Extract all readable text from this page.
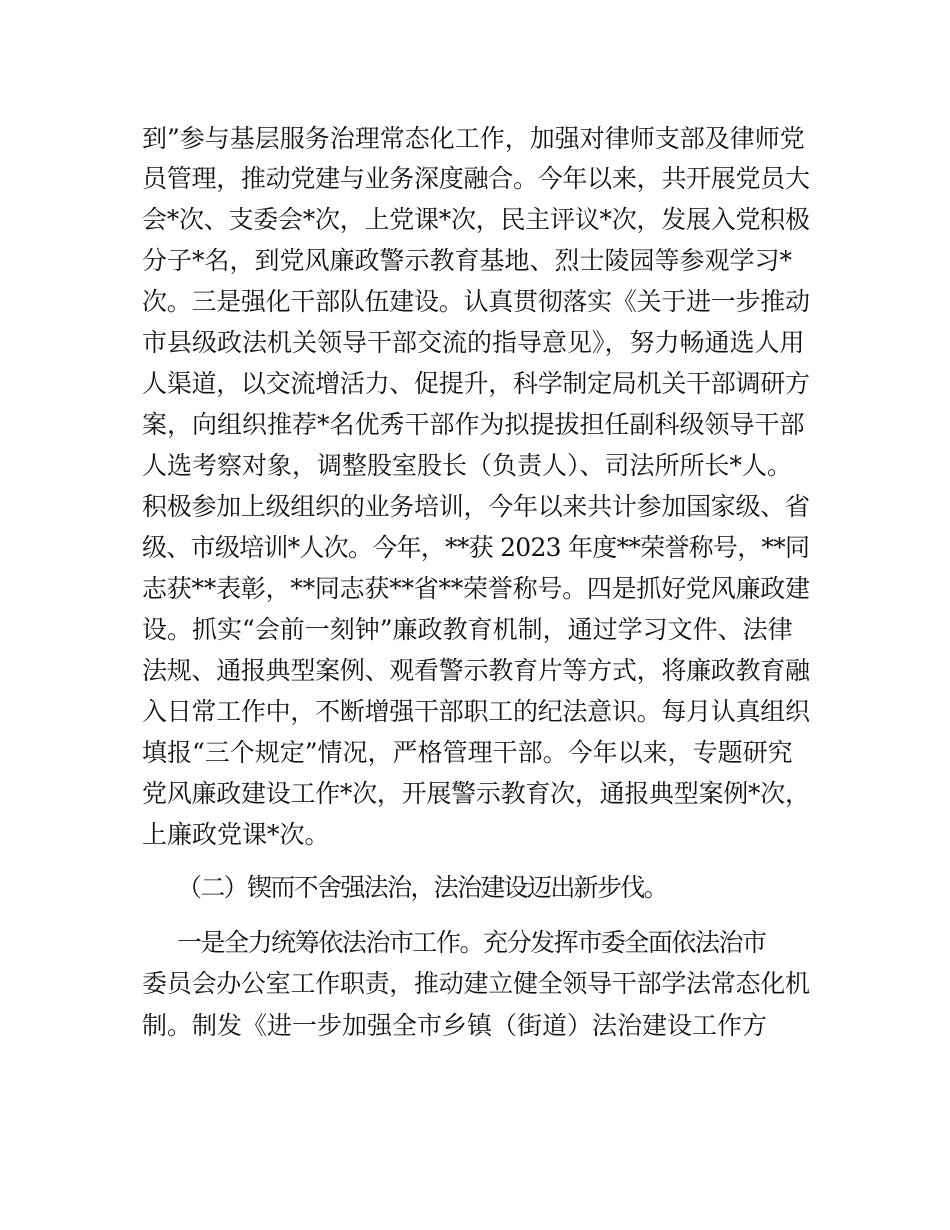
到”参与基层服务治理常态化工作，加强对律师支部及律师党
员管理，推动党建与业务深度融合。今年以来，共开展党员大
会*次、支委会*次，上党课*次，民主评议*次，发展入党积极
分子*名，到党风廉政警示教育基地、烈士陵园等参观学习*
次。三是强化干部队伍建设。认真贯彻落实《关于进一步推动
市县级政法机关领导干部交流的指导意见》，努力畅通选人用
人渠道，以交流增活力、促提升，科学制定局机关干部调研方
案，向组织推荐*名优秀干部作为拟提拔担任副科级领导干部
人选考察对象，调整股室股长（负责人）、司法所所长*人。
积极参加上级组织的业务培训，今年以来共计参加国家级、省
级、市级培训*人次。今年，**获 2023 年度**荣誉称号，**同
志获**表彰，**同志获**省**荣誉称号。四是抓好党风廉政建
设。抓实“会前一刻钟”廉政教育机制，通过学习文件、法律
法规、通报典型案例、观看警示教育片等方式，将廉政教育融
入日常工作中，不断增强干部职工的纪法意识。每月认真组织
填报“三个规定”情况，严格管理干部。今年以来，专题研究
党风廉政建设工作*次，开展警示教育次，通报典型案例*次，
上廉政党课*次。
（二）锲而不舍强法治，法治建设迈出新步伐。
一是全力统筹依法治市工作。充分发挥市委全面依法治市
委员会办公室工作职责，推动建立健全领导干部学法常态化机
制。制发《进一步加强全市乡镇（街道）法治建设工作方
